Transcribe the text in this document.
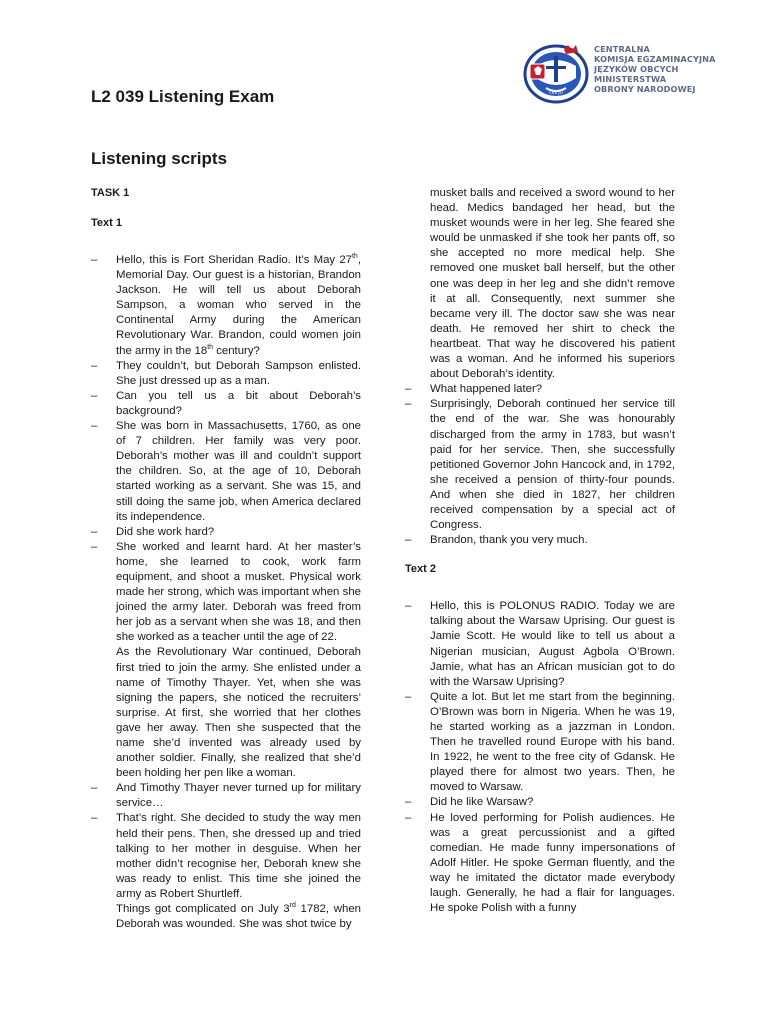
CKE JO
CENTRALNA
KOMISJA EGZAMINACYJNA
JĘZYKÓW OBCYCH
MINISTERSTWA
OBRONY NARODOWEJ
L2 039 Listening Exam
Listening scripts
TASK 1
Text 1
–	Hello, this is Fort Sheridan Radio. It’s May 27th, Memorial Day. Our guest is a historian, Brandon Jackson. He will tell us about Deborah Sampson, a woman who served in the Continental Army during the American Revolutionary War. Brandon, could women join the army in the 18th century?

–	They couldn’t, but Deborah Sampson enlisted. She just dressed up as a man.

–	Can you tell us a bit about Deborah’s background?

–	She was born in Massachusetts, 1760, as one of 7 children. Her family was very poor. Deborah’s mother was ill and couldn’t support the children. So, at the age of 10, Deborah started working as a servant. She was 15, and still doing the same job, when America declared its independence.

–	Did she work hard?

–	She worked and learnt hard. At her master’s home, she learned to cook, work farm equipment, and shoot a musket. Physical work made her strong, which was important when she joined the army later. Deborah was freed from her job as a servant when she was 18, and then she worked as a teacher until the age of 22.

As the Revolutionary War continued, Deborah first tried to join the army. She enlisted under a name of Timothy Thayer. Yet, when she was signing the papers, she noticed the recruiters’ surprise. At first, she worried that her clothes gave her away. Then she suspected that the name she’d invented was already used by another soldier. Finally, she realized that she’d been holding her pen like a woman.

–	And Timothy Thayer never turned up for military service…

–	That’s right. She decided to study the way men held their pens. Then, she dressed up and tried talking to her mother in desguise. When her mother didn’t recognise her, Deborah knew she was ready to enlist. This time she joined the army as Robert Shurtleff.

Things got complicated on July 3rd 1782, when Deborah was wounded. She was shot twice by

musket balls and received a sword wound to her head. Medics bandaged her head, but the musket wounds were in her leg. She feared she would be unmasked if she took her pants off, so she accepted no more medical help. She removed one musket ball herself, but the other one was deep in her leg and she didn’t remove it at all. Consequently, next summer she became very ill. The doctor saw she was near death. He removed her shirt to check the heartbeat. That way he discovered his patient was a woman. And he informed his superiors about Deborah’s identity.

–	What happened later?

–	Surprisingly, Deborah continued her service till the end of the war. She was honourably discharged from the army in 1783, but wasn’t paid for her service. Then, she successfully petitioned Governor John Hancock and, in 1792, she received a pension of thirty-four pounds. And when she died in 1827, her children received compensation by a special act of Congress.

–	Brandon, thank you very much.

Text 2
–	Hello, this is POLONUS RADIO. Today we are talking about the Warsaw Uprising. Our guest is Jamie Scott. He would like to tell us about a Nigerian musician, August Agbola O’Brown. Jamie, what has an African musician got to do with the Warsaw Uprising?

–	Quite a lot. But let me start from the beginning. O’Brown was born in Nigeria. When he was 19, he started working as a jazzman in London. Then he travelled round Europe with his band. In 1922, he went to the free city of Gdansk. He played there for almost two years. Then, he moved to Warsaw.

–	Did he like Warsaw?

–	He loved performing for Polish audiences. He was a great percussionist and a gifted comedian. He made funny impersonations of Adolf Hitler. He spoke German fluently, and the way he imitated the dictator made everybody laugh. Generally, he had a flair for languages. He spoke Polish with a funny
